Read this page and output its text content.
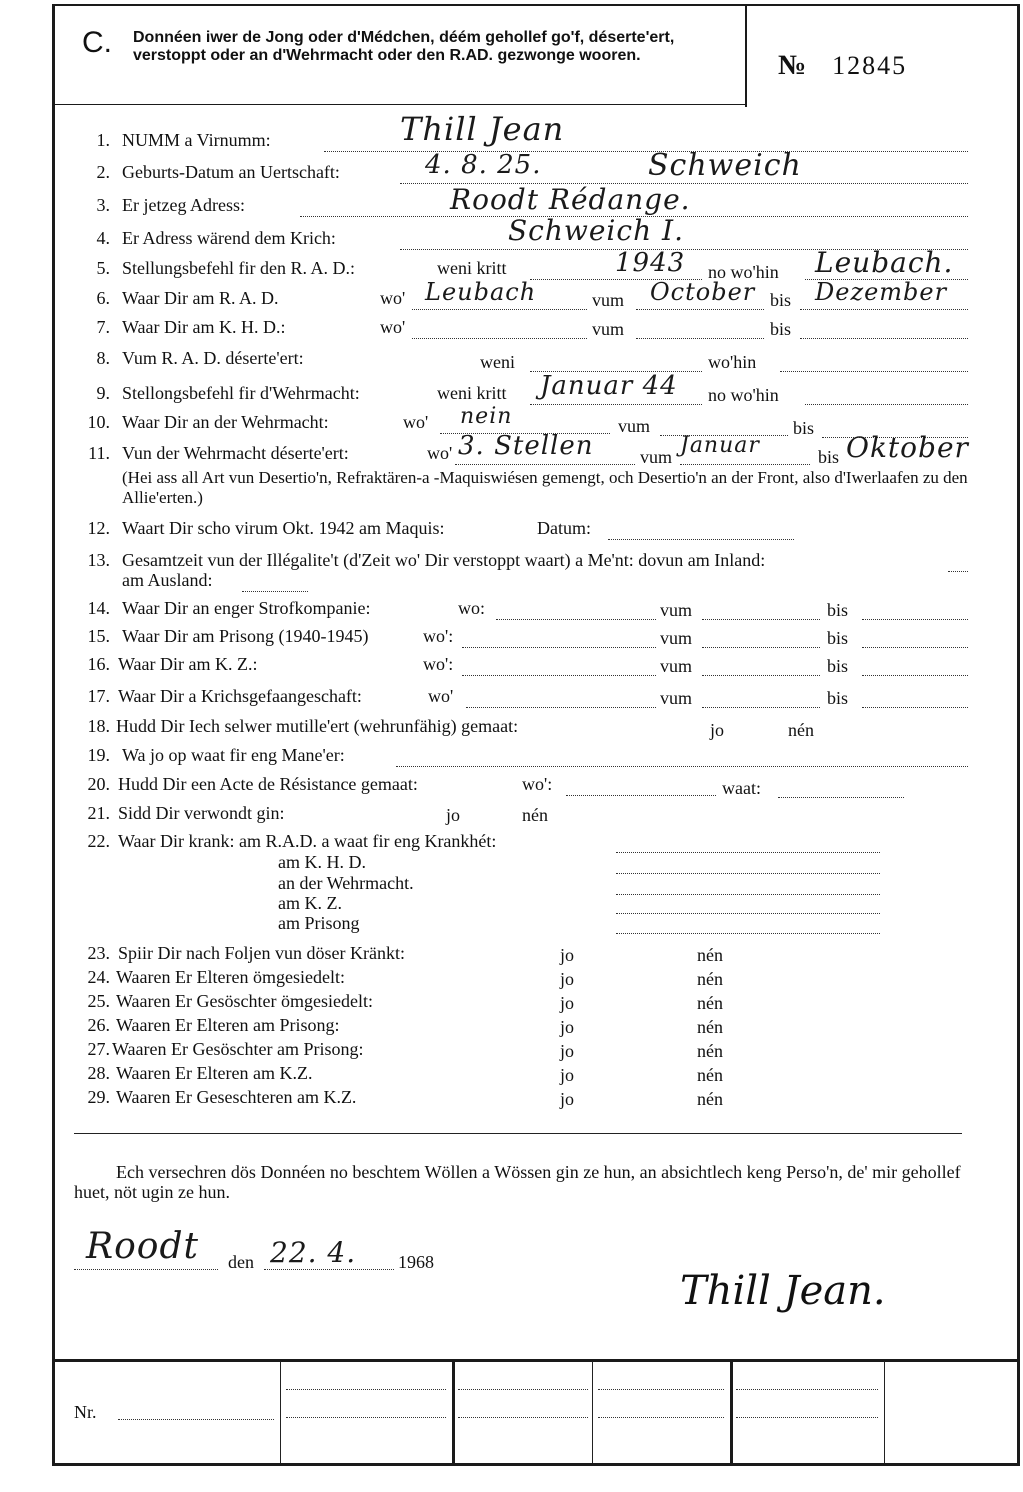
C. Donnéen iwer de Jong oder d'Médchen, déém gehollef go'f, déserte'ert, verstoppt oder an d'Wehrmacht oder den R.AD. gezwonge wooren.	№ 12845
1. NUMM a Virnumm:	Thill Jean
2. Geburts-Datum an Uertschaft:	4. 8. 25.	Schweich
3. Er jetzeg Adress:	Roodt Rédange.
4. Er Adress wärend dem Krich:	Schweich I.
5. Stellungsbefehl fir den R. A. D.:	weni kritt	1943 no wo'hin Leubach.
6. Waar Dir am R. A. D.	wo' Leubach	vum October bis Dezember
7. Waar Dir am K. H. D.:	wo'	vum	bis
8. Vum R. A. D. déserte'ert:	weni	wo'hin
9. Stellongsbefehl fir d'Wehrmacht:	weni kritt Januar 44 no wo'hin
10. Waar Dir an der Wehrmacht:	wo' nein	vum	bis
11. Vun der Wehrmacht déserte'ert:	wo' 3. Stellen	vum Januar	bis Oktober
(Hei ass all Art vun Desertio'n, Refraktären-a -Maquiswiésen gemengt, och Desertio'n an der Front, also d'Iwerlaafen zu den Allie'erten.)
12. Waart Dir scho virum Okt. 1942 am Maquis:	Datum:
13. Gesamtzeit vun der Illégalite't (d'Zeit wo' Dir verstoppt waart) a Me'nt: dovun am Inland:
am Ausland:
14. Waar Dir an enger Strofkompanie:	wo:	vum	bis
15. Waar Dir am Prisong (1940-1945)	wo':	vum	bis
16. Waar Dir am K. Z.:	wo':	vum	bis
17. Waar Dir a Krichsgefaangeschaft:	wo'	vum	bis
18. Hudd Dir Iech selwer mutille'ert (wehrunfähig) gemaat:	jo	nén
19. Wa jo op waat fir eng Mane'er:
20. Hudd Dir een Acte de Résistance gemaat:	wo':	waat:
21. Sidd Dir verwondt gin:	jo	nén
22. Waar Dir krank: am R.A.D. a waat fir eng Krankhét:
am K. H. D.
an der Wehrmacht.
am K. Z.
am Prisong
23. Spiir Dir nach Foljen vun döser Kränkt:	jo	nén
24. Waaren Er Elteren ömgesiedelt:	jo	nén
25. Waaren Er Gesöschter ömgesiedelt:	jo	nén
26. Waaren Er Elteren am Prisong:	jo	nén
27. Waaren Er Gesöschter am Prisong:	jo	nén
28. Waaren Er Elteren am K.Z.	jo	nén
29. Waaren Er Geseschteren am K.Z.	jo	nén
Ech versechren dös Donnéen no beschtem Wöllen a Wössen gin ze hun, an absichtlech keng Perso'n, de' mir gehollef huet, nöt ugin ze hun.
Roodt den 22. 4. 1968
Thill Jean.
Nr.
